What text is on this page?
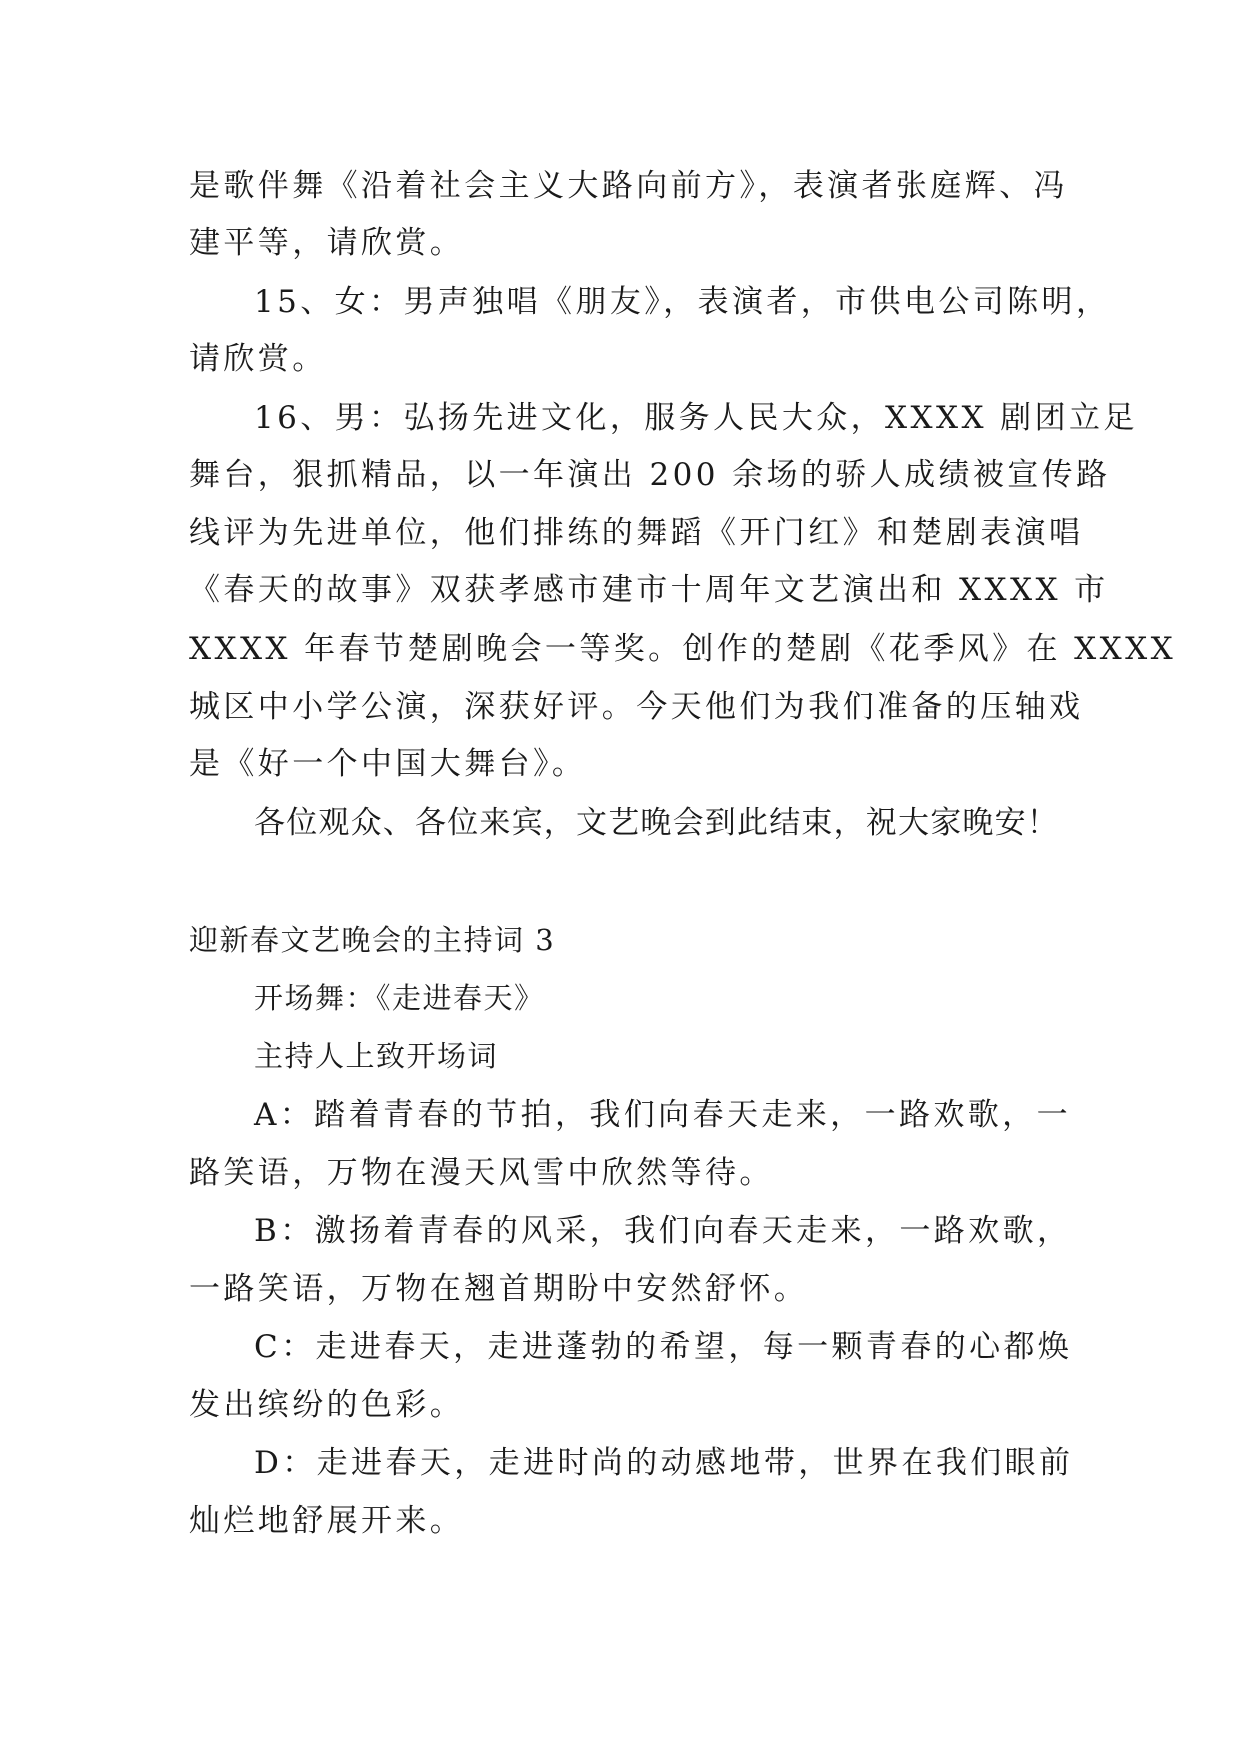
是歌伴舞《沿着社会主义大路向前方》，表演者张庭辉、冯
建平等，请欣赏。
15、女：男声独唱《朋友》，表演者，市供电公司陈明，
请欣赏。
16、男：弘扬先进文化，服务人民大众，XXXX 剧团立足
舞台，狠抓精品，以一年演出 200 余场的骄人成绩被宣传路
线评为先进单位，他们排练的舞蹈《开门红》和楚剧表演唱
《春天的故事》双获孝感市建市十周年文艺演出和 XXXX 市
XXXX 年春节楚剧晚会一等奖。创作的楚剧《花季风》在 XXXX
城区中小学公演，深获好评。今天他们为我们准备的压轴戏
是《好一个中国大舞台》。
各位观众、各位来宾，文艺晚会到此结束，祝大家晚安！
迎新春文艺晚会的主持词 3
开场舞：《走进春天》
主持人上致开场词
A：踏着青春的节拍，我们向春天走来，一路欢歌，一
路笑语，万物在漫天风雪中欣然等待。
B：激扬着青春的风采，我们向春天走来，一路欢歌，
一路笑语，万物在翘首期盼中安然舒怀。
C：走进春天，走进蓬勃的希望，每一颗青春的心都焕
发出缤纷的色彩。
D：走进春天，走进时尚的动感地带，世界在我们眼前
灿烂地舒展开来。
